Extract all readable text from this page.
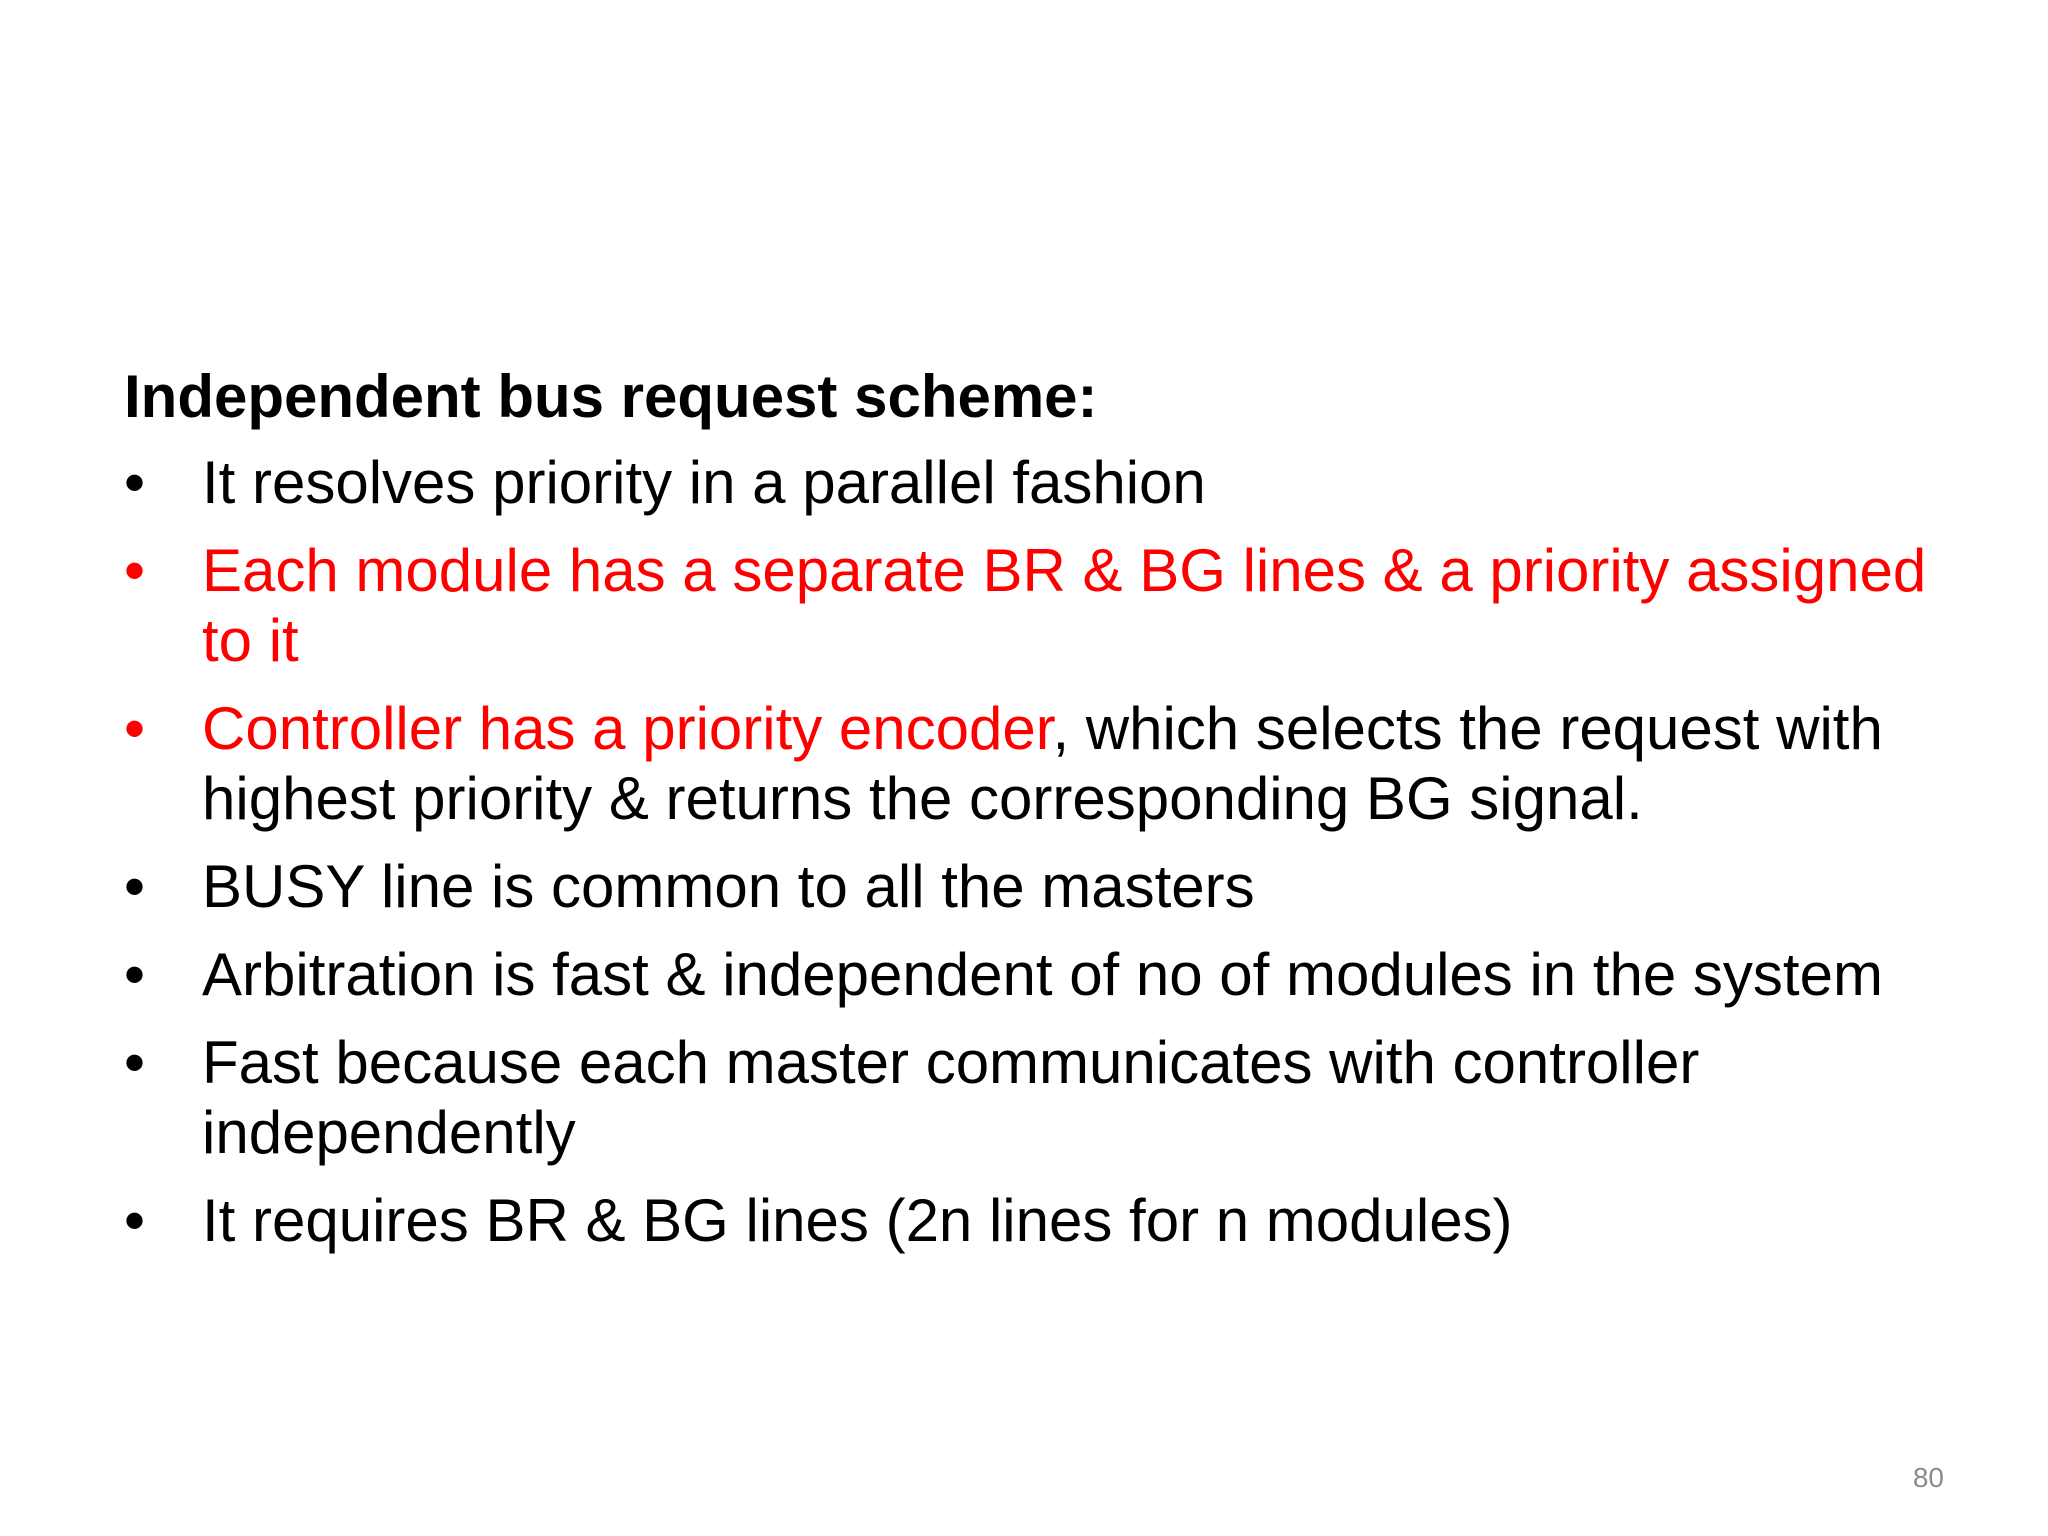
Independent bus request scheme:
• It resolves priority in a parallel fashion
• Each module has a separate BR & BG lines & a priority assigned to it
• Controller has a priority encoder, which selects the request with highest priority & returns the corresponding BG signal.
• BUSY line is common to all the masters
• Arbitration is fast & independent of no of modules in the system
• Fast because each master communicates with controller independently
• It requires BR & BG lines (2n lines for n modules)
80
